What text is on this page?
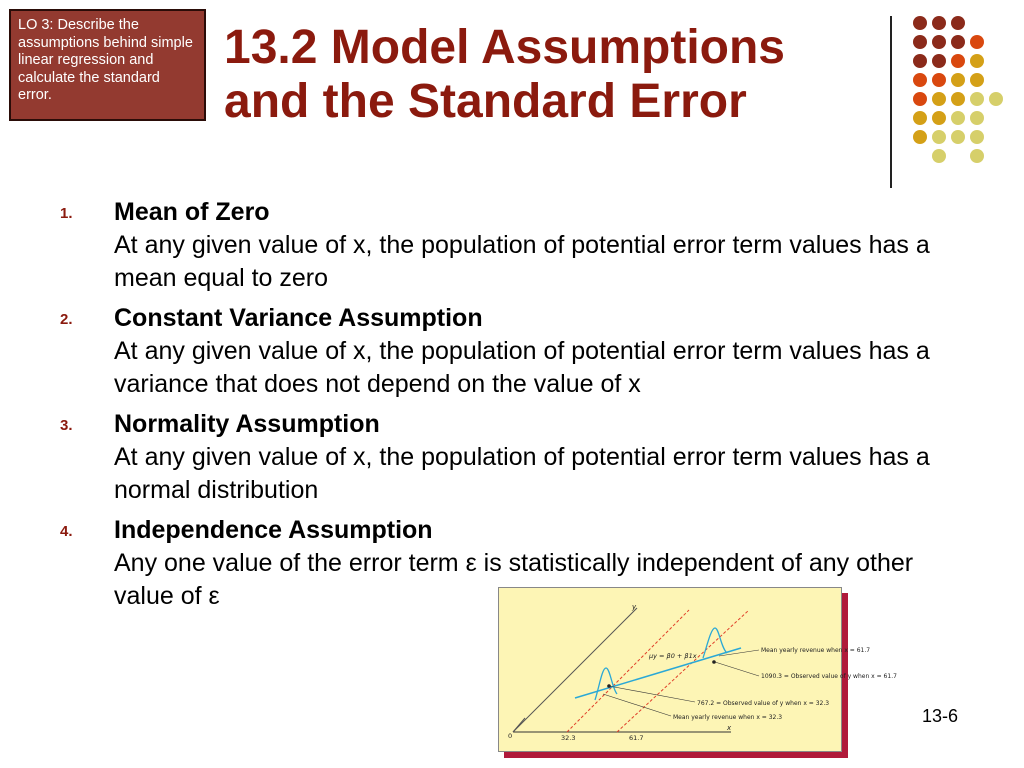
LO 3: Describe the assumptions behind simple linear regression and calculate the standard error.
13.2 Model Assumptions
and the Standard Error
1. Mean of Zero
At any given value of x, the population of potential error term values has a mean equal to zero
2. Constant Variance Assumption
At any given value of x, the population of potential error term values has a variance that does not depend on the value of x
3. Normality Assumption
At any given value of x, the population of potential error term values has a normal distribution
4. Independence Assumption
Any one value of the error term ε is statistically independent of any other value of ε	y
x
0	32.3	61.7
μy = β0 + β1x
Mean yearly revenue when x = 61.7
1090.3 = Observed value of y when x = 61.7
767.2 = Observed value of y when x = 32.3
Mean yearly revenue when x = 32.3	13-6
